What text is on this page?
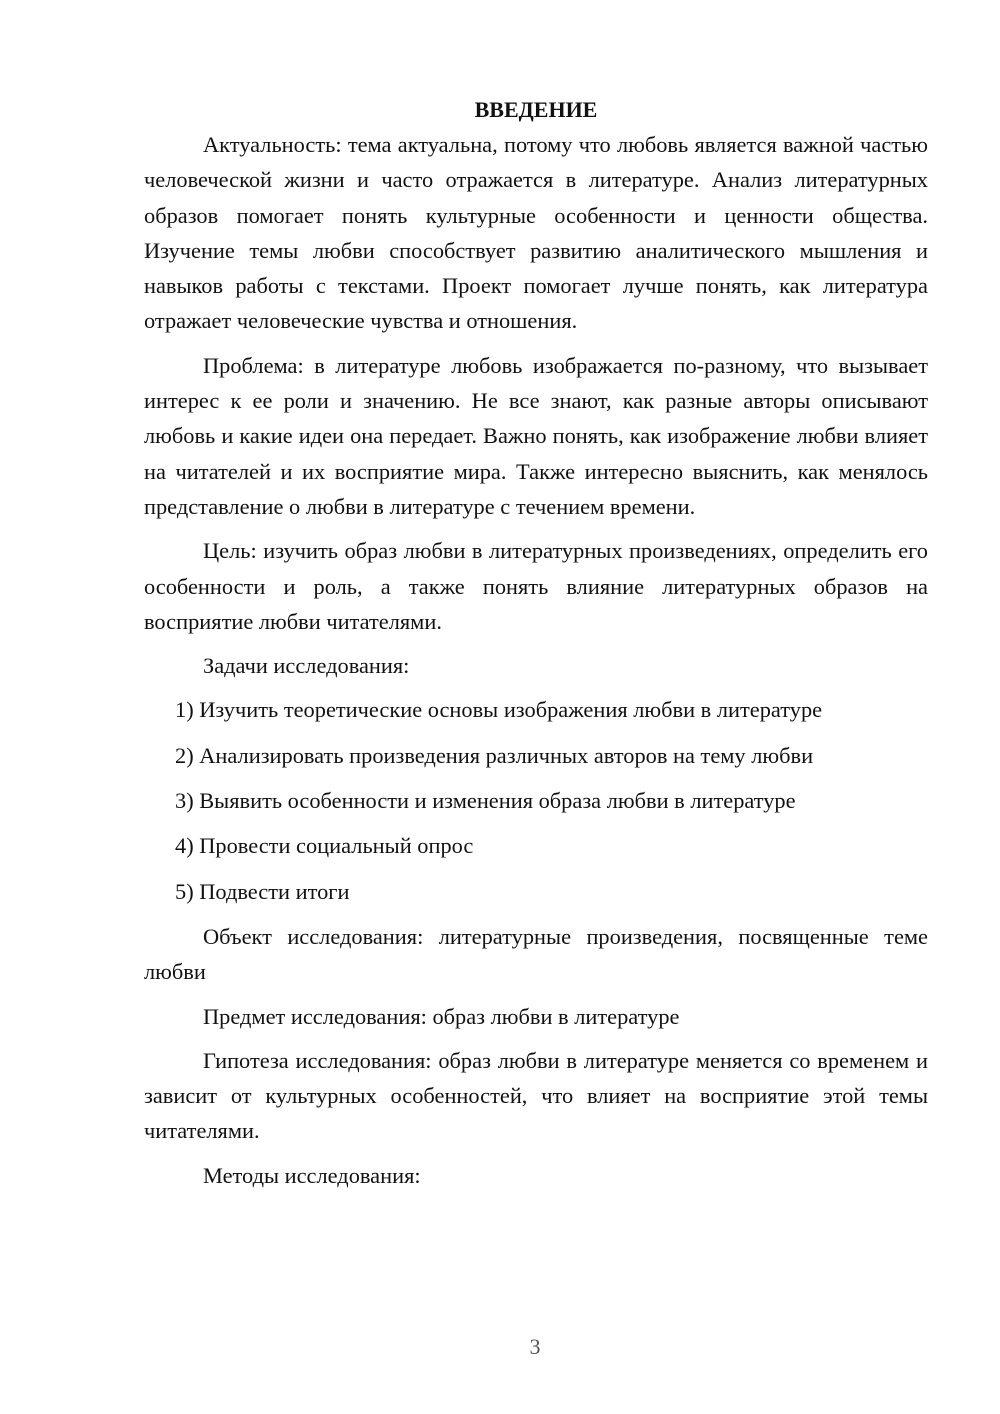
ВВЕДЕНИЕ

Актуальность: тема актуальна, потому что любовь является важной частью человеческой жизни и часто отражается в литературе. Анализ литературных образов помогает понять культурные особенности и ценности общества. Изучение темы любви способствует развитию аналитического мышления и навыков работы с текстами. Проект помогает лучше понять, как литература отражает человеческие чувства и отношения.

Проблема: в литературе любовь изображается по-разному, что вызывает интерес к ее роли и значению. Не все знают, как разные авторы описывают любовь и какие идеи она передает. Важно понять, как изображение любви влияет на читателей и их восприятие мира. Также интересно выяснить, как менялось представление о любви в литературе с течением времени.

Цель: изучить образ любви в литературных произведениях, определить его особенности и роль, а также понять влияние литературных образов на восприятие любви читателями.

Задачи исследования:

1) Изучить теоретические основы изображения любви в литературе
2) Анализировать произведения различных авторов на тему любви
3) Выявить особенности и изменения образа любви в литературе
4) Провести социальный опрос
5) Подвести итоги

Объект исследования: литературные произведения, посвященные теме любви

Предмет исследования: образ любви в литературе

Гипотеза исследования: образ любви в литературе меняется со временем и зависит от культурных особенностей, что влияет на восприятие этой темы читателями.

Методы исследования:

3
